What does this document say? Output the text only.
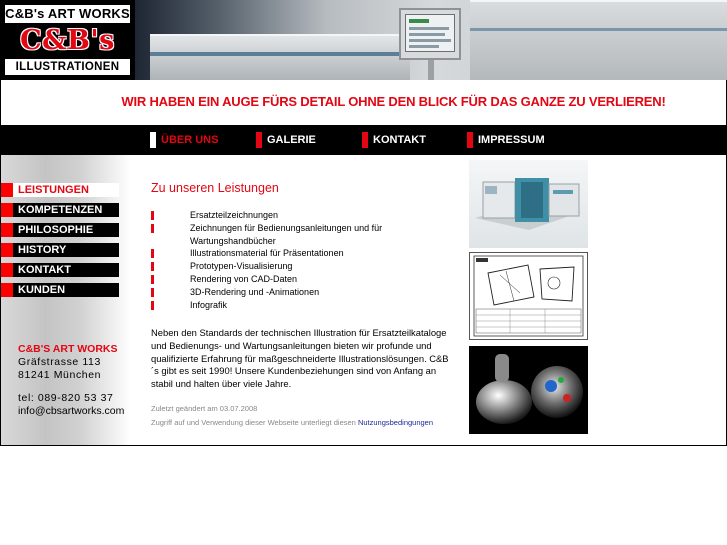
C&B's ART WORKS
C&B's
ILLUSTRATIONEN
WIR HABEN EIN AUGE FÜRS DETAIL OHNE DEN BLICK FÜR DAS GANZE ZU VERLIEREN!
ÜBER UNS	GALERIE	KONTAKT	IMPRESSUM
LEISTUNGEN
KOMPETENZEN
PHILOSOPHIE
HISTORY
KONTAKT
KUNDEN
C&B'S ART WORKS
Gräfstrasse 113
81241 München
tel: 089-820 53 37
info@cbsartworks.com
Zu unseren Leistungen
Ersatzteilzeichnungen
Zeichnungen für Bedienungsanleitungen und für Wartungshandbücher
Illustrationsmaterial für Präsentationen
Prototypen-Visualisierung
Rendering von CAD-Daten
3D-Rendering und -Animationen
Infografik

Neben den Standards der technischen Illustration für Ersatzteilkataloge und Bedienungs- und Wartungsanleitungen bieten wir profunde und qualifizierte Erfahrung für maßgeschneiderte Illustrationslösungen. C&B´s gibt es seit 1990! Unsere Kundenbeziehungen sind von Anfang an stabil und halten über viele Jahre.

Zuletzt geändert am 03.07.2008
Zugriff auf und Verwendung dieser Webseite unterliegt diesen Nutzungsbedingungen
